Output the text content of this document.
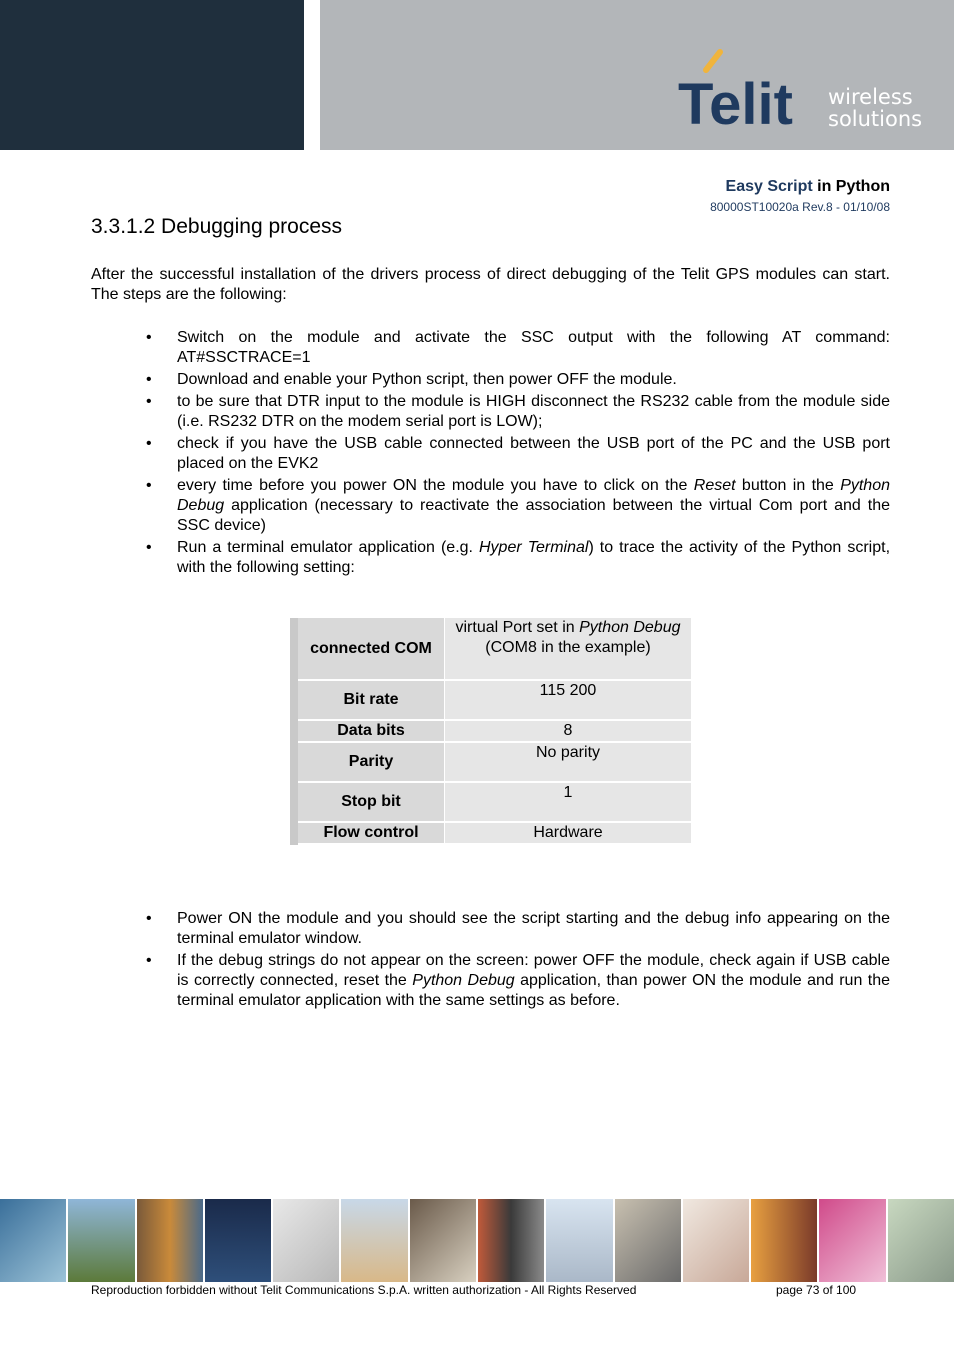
Telit wireless
solutions
Easy Script in Python
80000ST10020a Rev.8 - 01/10/08
3.3.1.2 Debugging process

After the successful installation of the drivers process of direct debugging of the Telit GPS modules can start. The steps are the following:

• Switch on the module and activate the SSC output with the following AT command: AT#SSCTRACE=1
• Download and enable your Python script, then power OFF the module.
• to be sure that DTR input to the module is HIGH disconnect the RS232 cable from the module side (i.e. RS232 DTR on the modem serial port is LOW);
• check if you have the USB cable connected between the USB port of the PC and the USB port placed on the EVK2
• every time before you power ON the module you have to click on the Reset button in the Python Debug application (necessary to reactivate the association between the virtual Com port and the SSC device)
• Run a terminal emulator application (e.g. Hyper Terminal) to trace the activity of the Python script, with the following setting:
connected COM	virtual Port set in Python Debug (COM8 in the example)
Bit rate	115 200
Data bits	8
Parity	No parity
Stop bit	1
Flow control	Hardware
• Power ON the module and you should see the script starting and the debug info appearing on the terminal emulator window.
• If the debug strings do not appear on the screen: power OFF the module, check again if USB cable is correctly connected, reset the Python Debug application, than power ON the module and run the terminal emulator application with the same settings as before.
Reproduction forbidden without Telit Communications S.p.A. written authorization - All Rights Reserved	page 73 of 100
